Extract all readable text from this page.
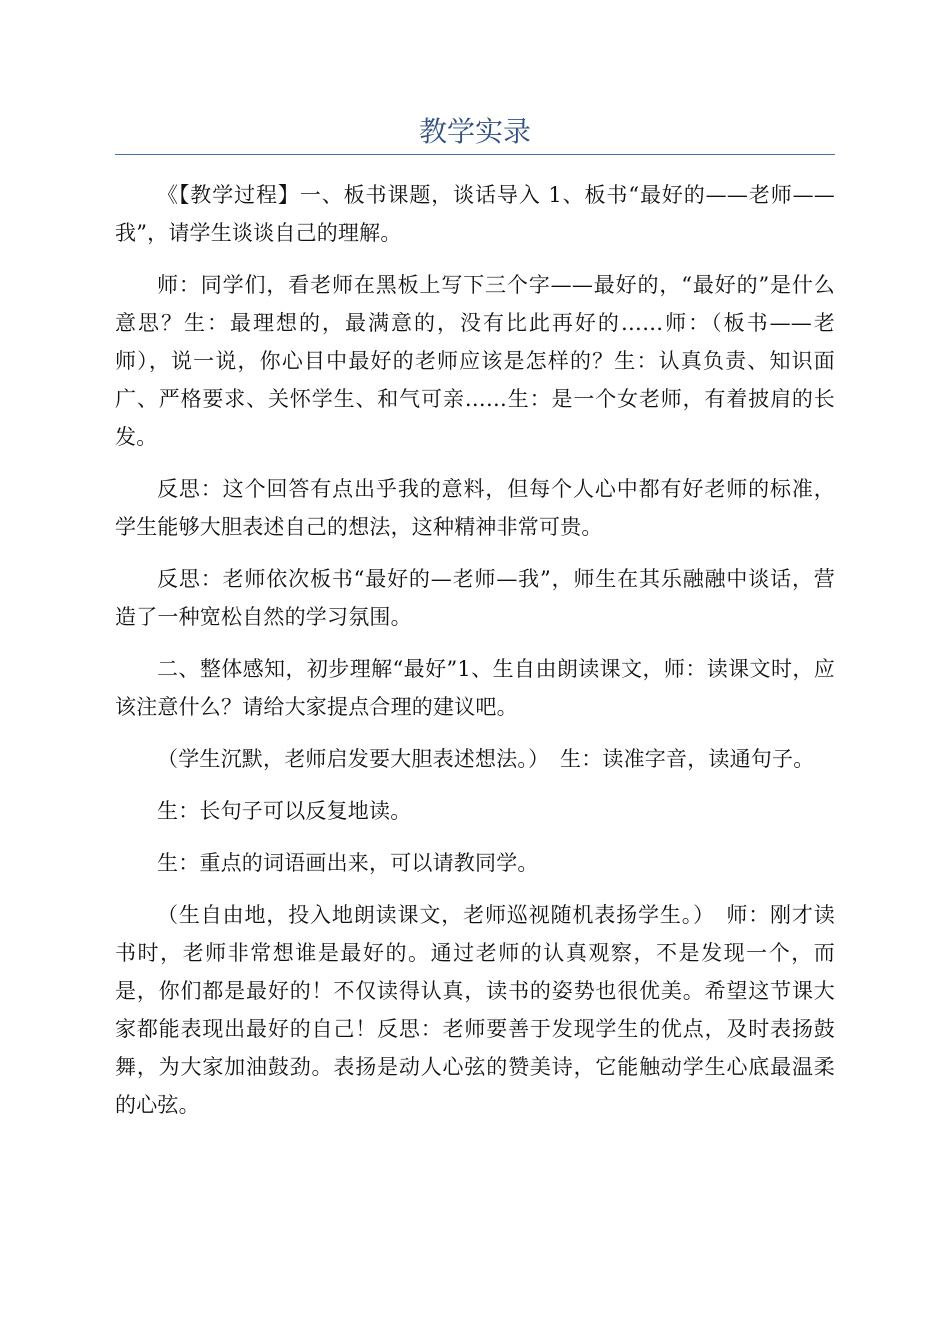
教学实录

《【教学过程】一、板书课题，谈话导入 1、板书“最好的——老师——我”，请学生谈谈自己的理解。

师：同学们，看老师在黑板上写下三个字——最好的，“最好的”是什么意思？生：最理想的，最满意的，没有比此再好的……师：（板书——老师），说一说，你心目中最好的老师应该是怎样的？生：认真负责、知识面广、严格要求、关怀学生、和气可亲……生：是一个女老师，有着披肩的长发。

反思：这个回答有点出乎我的意料，但每个人心中都有好老师的标准，学生能够大胆表述自己的想法，这种精神非常可贵。

反思：老师依次板书“最好的—老师—我”，师生在其乐融融中谈话，营造了一种宽松自然的学习氛围。

二、整体感知，初步理解“最好”1、生自由朗读课文，师：读课文时，应该注意什么？请给大家提点合理的建议吧。

（学生沉默，老师启发要大胆表述想法。）　生：读准字音，读通句子。

生：长句子可以反复地读。

生：重点的词语画出来，可以请教同学。

（生自由地，投入地朗读课文，老师巡视随机表扬学生。）　师：刚才读书时，老师非常想谁是最好的。通过老师的认真观察，不是发现一个，而是，你们都是最好的！不仅读得认真，读书的姿势也很优美。希望这节课大家都能表现出最好的自己！反思：老师要善于发现学生的优点，及时表扬鼓舞，为大家加油鼓劲。表扬是动人心弦的赞美诗，它能触动学生心底最温柔的心弦。
